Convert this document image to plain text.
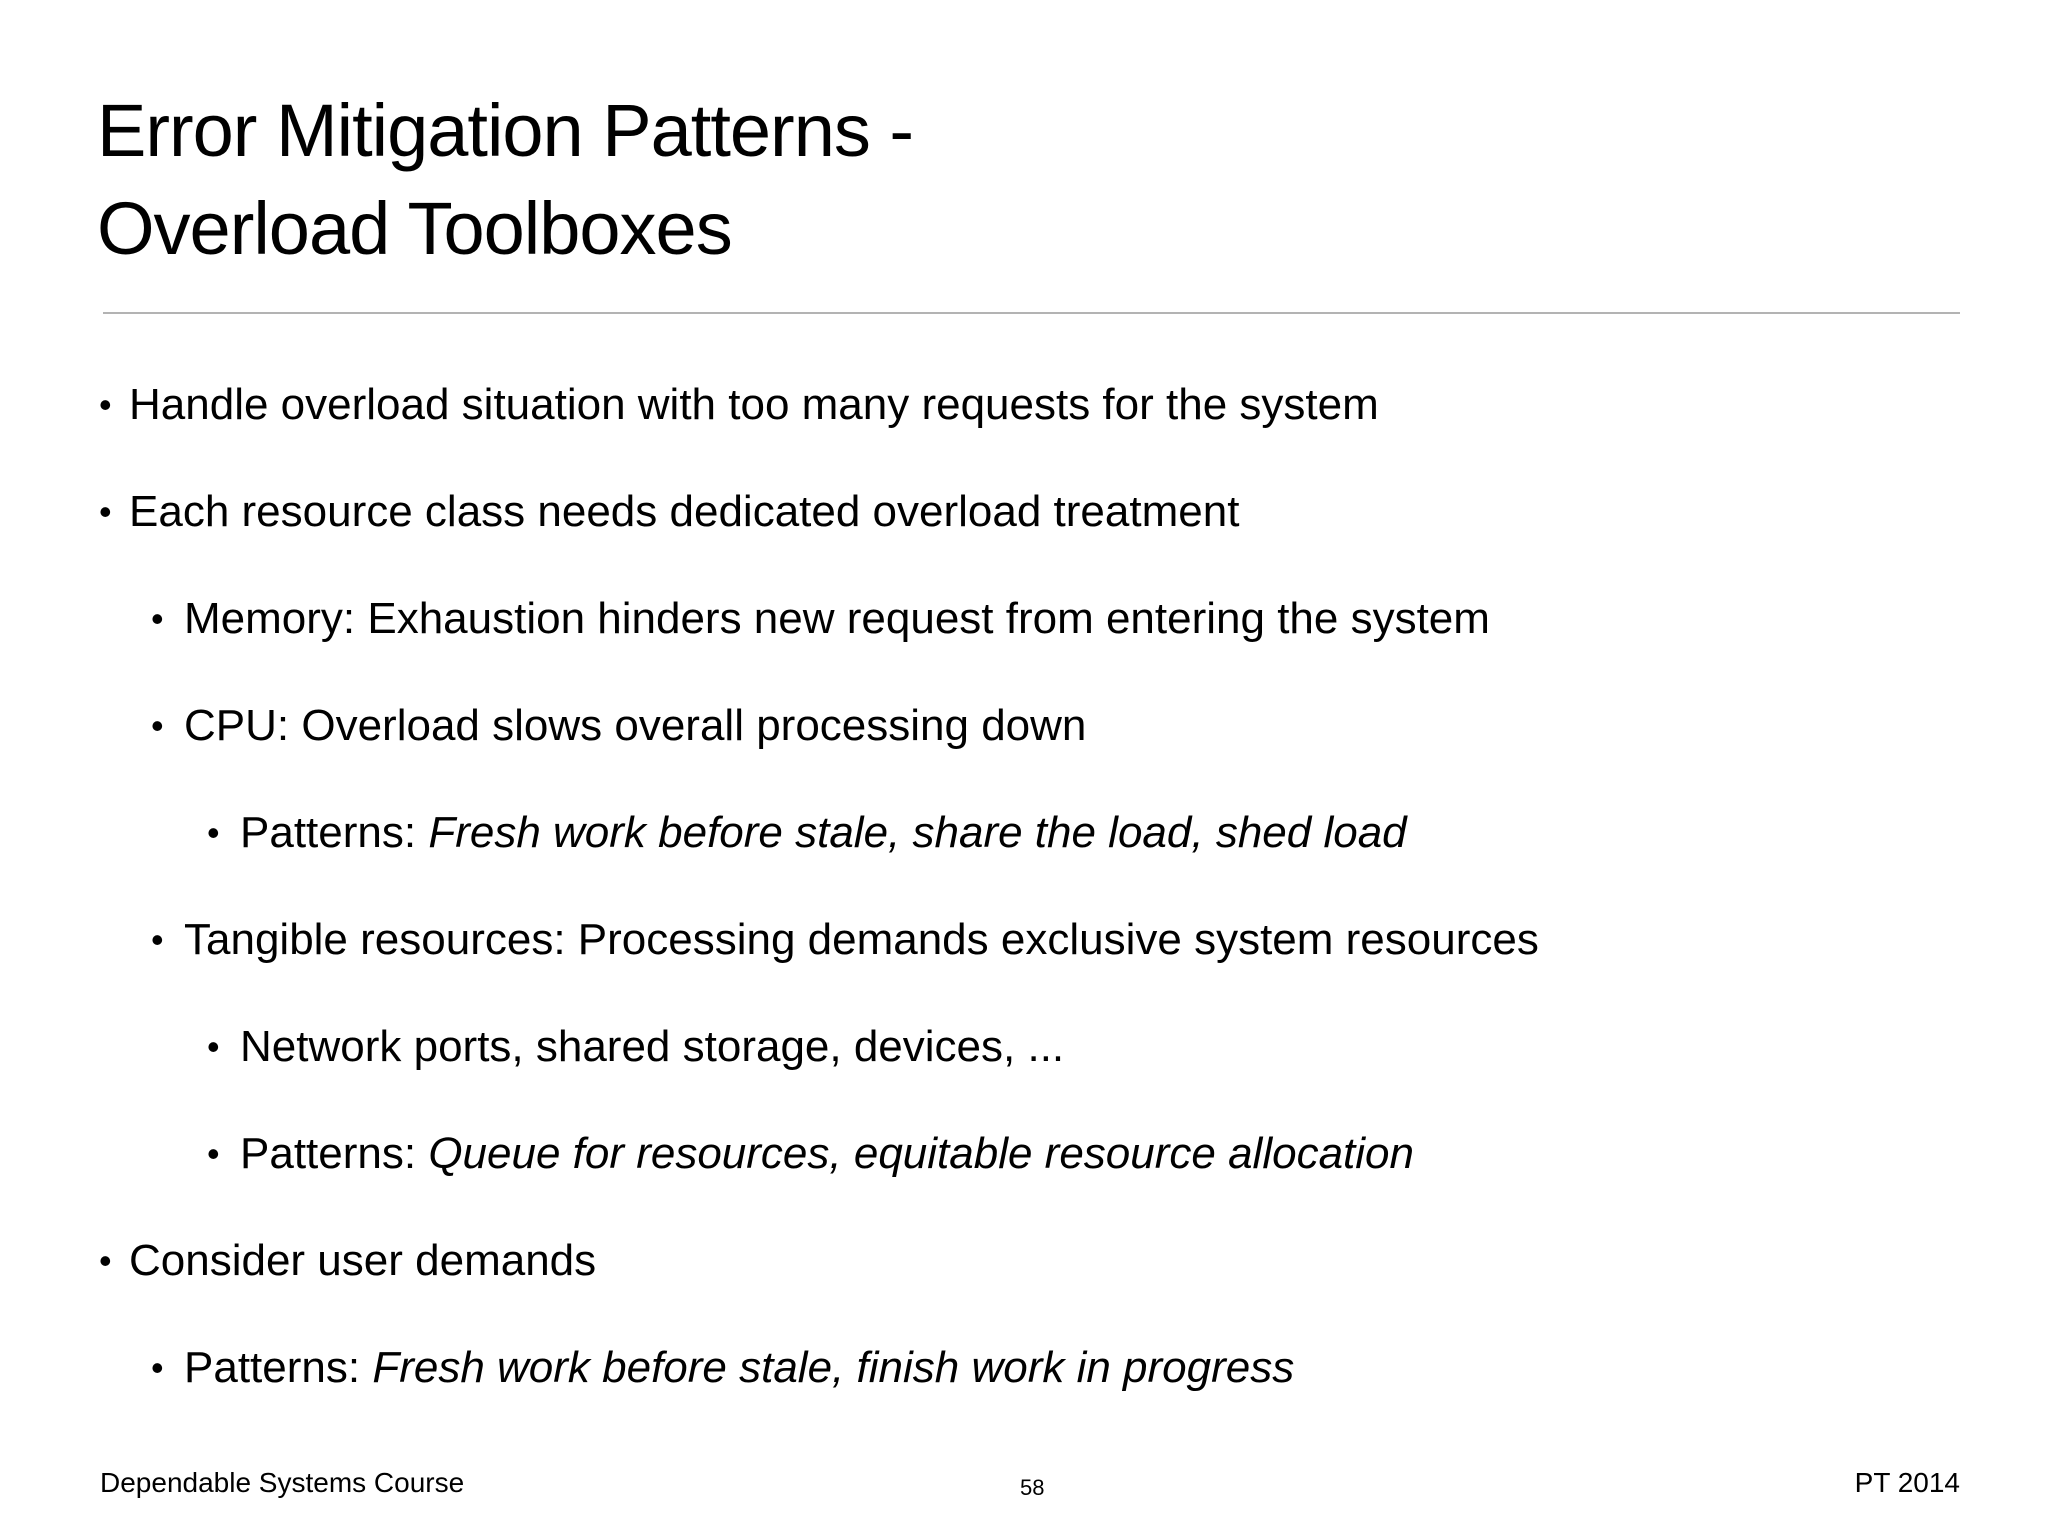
Error Mitigation Patterns -
Overload Toolboxes

• Handle overload situation with too many requests for the system

• Each resource class needs dedicated overload treatment

• Memory: Exhaustion hinders new request from entering the system

• CPU: Overload slows overall processing down

• Patterns: Fresh work before stale, share the load, shed load

• Tangible resources: Processing demands exclusive system resources

• Network ports, shared storage, devices, ...

• Patterns: Queue for resources, equitable resource allocation

• Consider user demands

• Patterns: Fresh work before stale, finish work in progress

Dependable Systems Course	58	PT 2014
